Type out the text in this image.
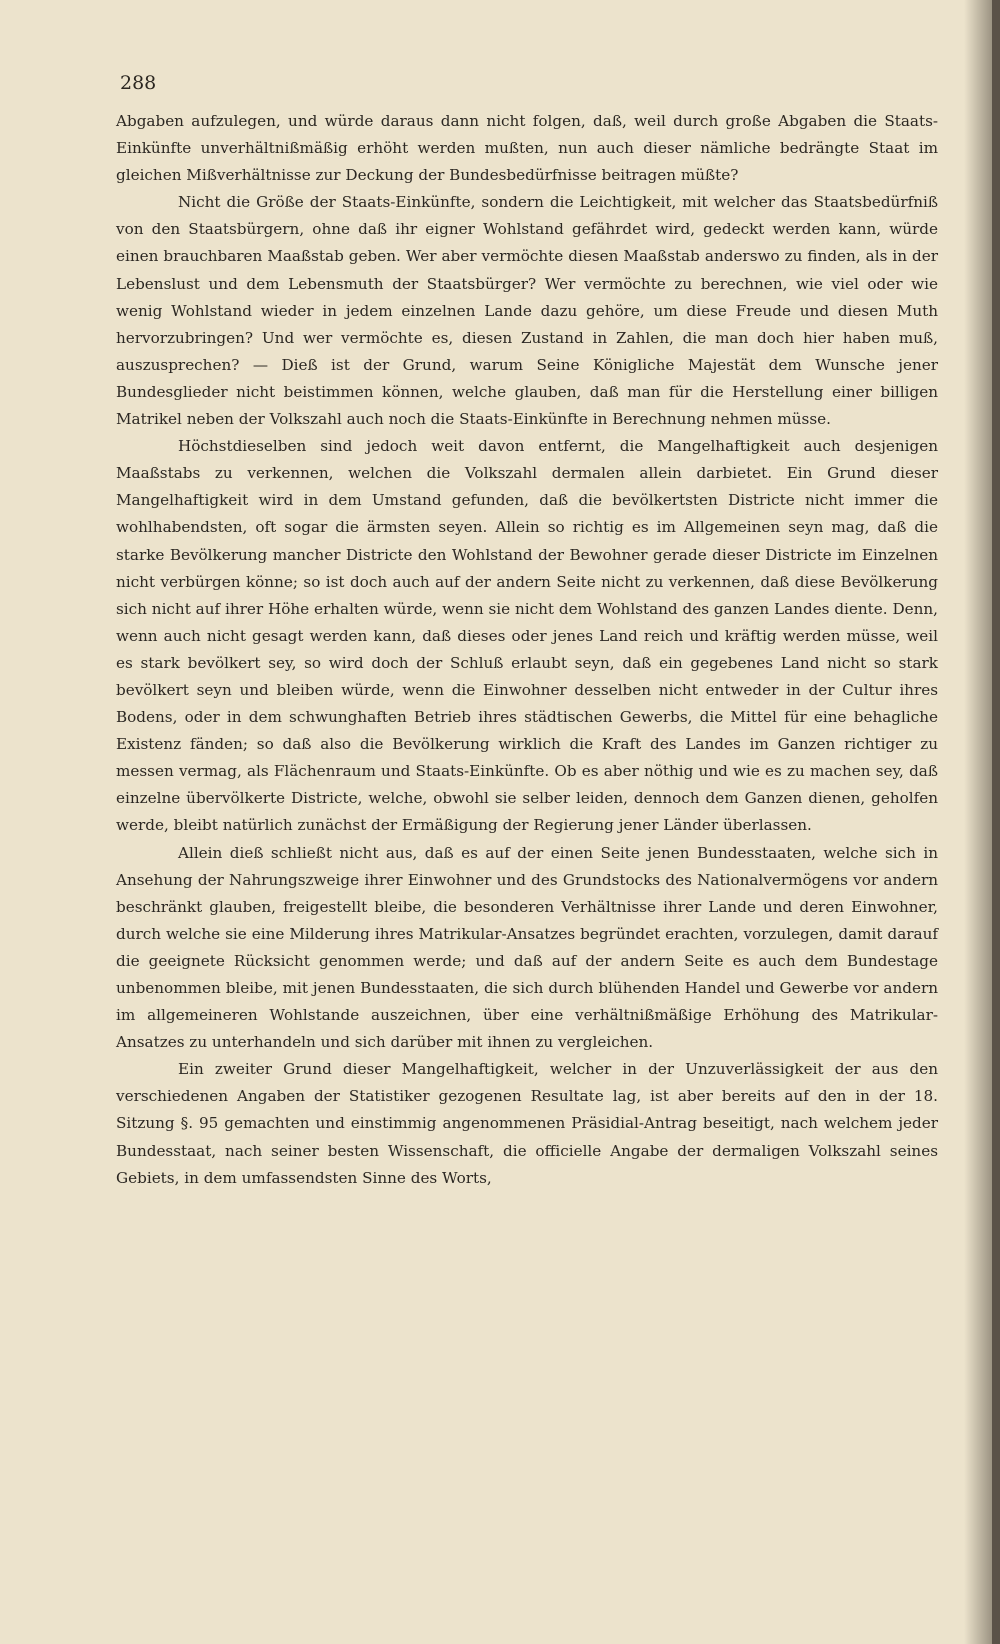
288

Abgaben aufzulegen, und würde daraus dann nicht folgen, daß, weil durch große Abgaben die Staats-Einkünfte unverhältnißmäßig erhöht werden mußten, nun auch dieser nämliche bedrängte Staat im gleichen Mißverhältnisse zur Deckung der Bundesbedürfnisse beitragen müßte?

Nicht die Größe der Staats-Einkünfte, sondern die Leichtigkeit, mit welcher das Staatsbedürfniß von den Staatsbürgern, ohne daß ihr eigner Wohlstand gefährdet wird, gedeckt werden kann, würde einen brauchbaren Maaßstab geben. Wer aber vermöchte diesen Maaßstab anderswo zu finden, als in der Lebenslust und dem Lebensmuth der Staatsbürger? Wer vermöchte zu berechnen, wie viel oder wie wenig Wohlstand wieder in jedem einzelnen Lande dazu gehöre, um diese Freude und diesen Muth hervorzubringen? Und wer vermöchte es, diesen Zustand in Zahlen, die man doch hier haben muß, auszusprechen? — Dieß ist der Grund, warum Seine Königliche Majestät dem Wunsche jener Bundesglieder nicht beistimmen können, welche glauben, daß man für die Herstellung einer billigen Matrikel neben der Volkszahl auch noch die Staats-Einkünfte in Berechnung nehmen müsse.

Höchstdieselben sind jedoch weit davon entfernt, die Mangelhaftigkeit auch desjenigen Maaßstabs zu verkennen, welchen die Volkszahl dermalen allein darbietet. Ein Grund dieser Mangelhaftigkeit wird in dem Umstand gefunden, daß die bevölkertsten Districte nicht immer die wohlhabendsten, oft sogar die ärmsten seyen. Allein so richtig es im Allgemeinen seyn mag, daß die starke Bevölkerung mancher Districte den Wohlstand der Bewohner gerade dieser Districte im Einzelnen nicht verbürgen könne; so ist doch auch auf der andern Seite nicht zu verkennen, daß diese Bevölkerung sich nicht auf ihrer Höhe erhalten würde, wenn sie nicht dem Wohlstand des ganzen Landes diente. Denn, wenn auch nicht gesagt werden kann, daß dieses oder jenes Land reich und kräftig werden müsse, weil es stark bevölkert sey, so wird doch der Schluß erlaubt seyn, daß ein gegebenes Land nicht so stark bevölkert seyn und bleiben würde, wenn die Einwohner desselben nicht entweder in der Cultur ihres Bodens, oder in dem schwunghaften Betrieb ihres städtischen Gewerbs, die Mittel für eine behagliche Existenz fänden; so daß also die Bevölkerung wirklich die Kraft des Landes im Ganzen richtiger zu messen vermag, als Flächenraum und Staats-Einkünfte. Ob es aber nöthig und wie es zu machen sey, daß einzelne übervölkerte Districte, welche, obwohl sie selber leiden, dennoch dem Ganzen dienen, geholfen werde, bleibt natürlich zunächst der Ermäßigung der Regierung jener Länder überlassen.

Allein dieß schließt nicht aus, daß es auf der einen Seite jenen Bundesstaaten, welche sich in Ansehung der Nahrungszweige ihrer Einwohner und des Grundstocks des Nationalvermögens vor andern beschränkt glauben, freigestellt bleibe, die besonderen Verhältnisse ihrer Lande und deren Einwohner, durch welche sie eine Milderung ihres Matrikular-Ansatzes begründet erachten, vorzulegen, damit darauf die geeignete Rücksicht genommen werde; und daß auf der andern Seite es auch dem Bundestage unbenommen bleibe, mit jenen Bundesstaaten, die sich durch blühenden Handel und Gewerbe vor andern im allgemeineren Wohlstande auszeichnen, über eine verhältnißmäßige Erhöhung des Matrikular-Ansatzes zu unterhandeln und sich darüber mit ihnen zu vergleichen.

Ein zweiter Grund dieser Mangelhaftigkeit, welcher in der Unzuverlässigkeit der aus den verschiedenen Angaben der Statistiker gezogenen Resultate lag, ist aber bereits auf den in der 18. Sitzung §. 95 gemachten und einstimmig angenommenen Präsidial-Antrag beseitigt, nach welchem jeder Bundesstaat, nach seiner besten Wissenschaft, die officielle Angabe der dermaligen Volkszahl seines Gebiets, in dem umfassendsten Sinne des Worts,
